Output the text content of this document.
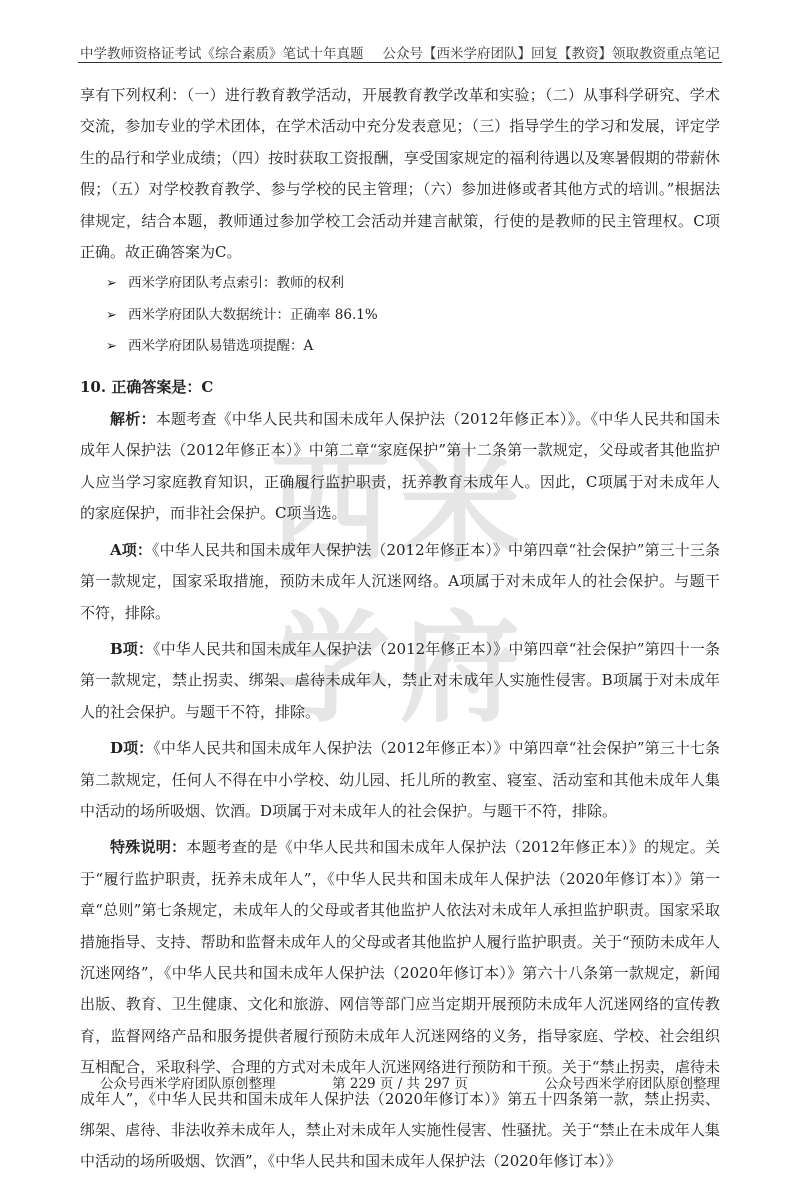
中学教师资格证考试《综合素质》笔试十年真题 公众号【西米学府团队】回复【教资】领取教资重点笔记
西 米
学 府

享有下列权利：（一）进行教育教学活动，开展教育教学改革和实验；（二）从事科学研究、学术交流，参加专业的学术团体，在学术活动中充分发表意见；（三）指导学生的学习和发展，评定学生的品行和学业成绩；（四）按时获取工资报酬，享受国家规定的福利待遇以及寒暑假期的带薪休假；（五）对学校教育教学、参与学校的民主管理；（六）参加进修或者其他方式的培训。”根据法律规定，结合本题，教师通过参加学校工会活动并建言献策，行使的是教师的民主管理权。C项正确。故正确答案为C。

➢ 西米学府团队考点索引：教师的权利
➢ 西米学府团队大数据统计：正确率 86.1%
➢ 西米学府团队易错选项提醒：A

10. 正确答案是：C

解析：本题考查《中华人民共和国未成年人保护法（2012年修正本）》。《中华人民共和国未成年人保护法（2012年修正本）》中第二章“家庭保护”第十二条第一款规定，父母或者其他监护人应当学习家庭教育知识，正确履行监护职责，抚养教育未成年人。因此，C项属于对未成年人的家庭保护，而非社会保护。C项当选。

A项：《中华人民共和国未成年人保护法（2012年修正本）》中第四章“社会保护”第三十三条第一款规定，国家采取措施，预防未成年人沉迷网络。A项属于对未成年人的社会保护。与题干不符，排除。

B项：《中华人民共和国未成年人保护法（2012年修正本）》中第四章“社会保护”第四十一条第一款规定，禁止拐卖、绑架、虐待未成年人，禁止对未成年人实施性侵害。B项属于对未成年人的社会保护。与题干不符，排除。

D项：《中华人民共和国未成年人保护法（2012年修正本）》中第四章“社会保护”第三十七条第二款规定，任何人不得在中小学校、幼儿园、托儿所的教室、寝室、活动室和其他未成年人集中活动的场所吸烟、饮酒。D项属于对未成年人的社会保护。与题干不符，排除。

特殊说明：本题考查的是《中华人民共和国未成年人保护法（2012年修正本）》的规定。关于“履行监护职责，抚养未成年人”，《中华人民共和国未成年人保护法（2020年修订本）》第一章“总则”第七条规定，未成年人的父母或者其他监护人依法对未成年人承担监护职责。国家采取措施指导、支持、帮助和监督未成年人的父母或者其他监护人履行监护职责。关于“预防未成年人沉迷网络”，《中华人民共和国未成年人保护法（2020年修订本）》第六十八条第一款规定，新闻出版、教育、卫生健康、文化和旅游、网信等部门应当定期开展预防未成年人沉迷网络的宣传教育，监督网络产品和服务提供者履行预防未成年人沉迷网络的义务，指导家庭、学校、社会组织互相配合，采取科学、合理的方式对未成年人沉迷网络进行预防和干预。关于“禁止拐卖，虐待未成年人”，《中华人民共和国未成年人保护法（2020年修订本）》第五十四条第一款，禁止拐卖、绑架、虐待、非法收养未成年人，禁止对未成年人实施性侵害、性骚扰。关于“禁止在未成年人集中活动的场所吸烟、饮酒”，《中华人民共和国未成年人保护法（2020年修订本）》

公众号西米学府团队原创整理	第 229 页 / 共 297 页	公众号西米学府团队原创整理
